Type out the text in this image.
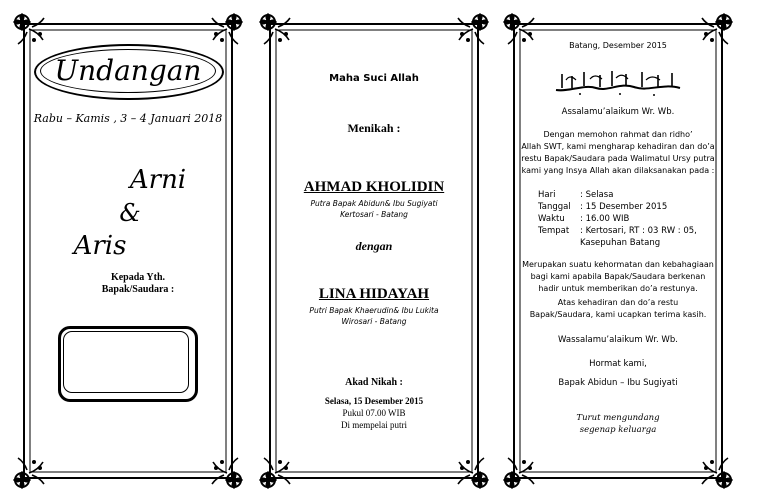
Undangan
Rabu – Kamis , 3 – 4 Januari 2018
Arni
&
Aris
Kepada Yth.
Bapak/Saudara :
Maha Suci Allah
Menikah :
AHMAD KHOLIDIN
Putra Bapak Abidun& Ibu Sugiyati
Kertosari - Batang
dengan
LINA HIDAYAH
Putri Bapak Khaerudin& Ibu Lukita
Wirosari - Batang
Akad Nikah :
Selasa, 15 Desember 2015
Pukul 07.00 WIB
Di mempelai putri
Batang, Desember 2015
Assalamu’alaikum Wr. Wb.
Dengan memohon rahmat dan ridho’
Allah SWT, kami mengharap kehadiran dan do’a
restu Bapak/Saudara pada Walimatul Ursy putra
kami yang Insya Allah akan dilaksanakan pada :
Hari	: Selasa
Tanggal : 15 Desember 2015
Waktu : 16.00 WIB
Tempat : Kertosari, RT : 03 RW : 05,
Kasepuhan Batang
Merupakan suatu kehormatan dan kebahagiaan
bagi kami apabila Bapak/Saudara berkenan
hadir untuk memberikan do’a restunya.
Atas kehadiran dan do’a restu
Bapak/Saudara, kami ucapkan terima kasih.
Wassalamu’alaikum Wr. Wb.
Hormat kami,
Bapak Abidun – Ibu Sugiyati
Turut mengundang
segenap keluarga
